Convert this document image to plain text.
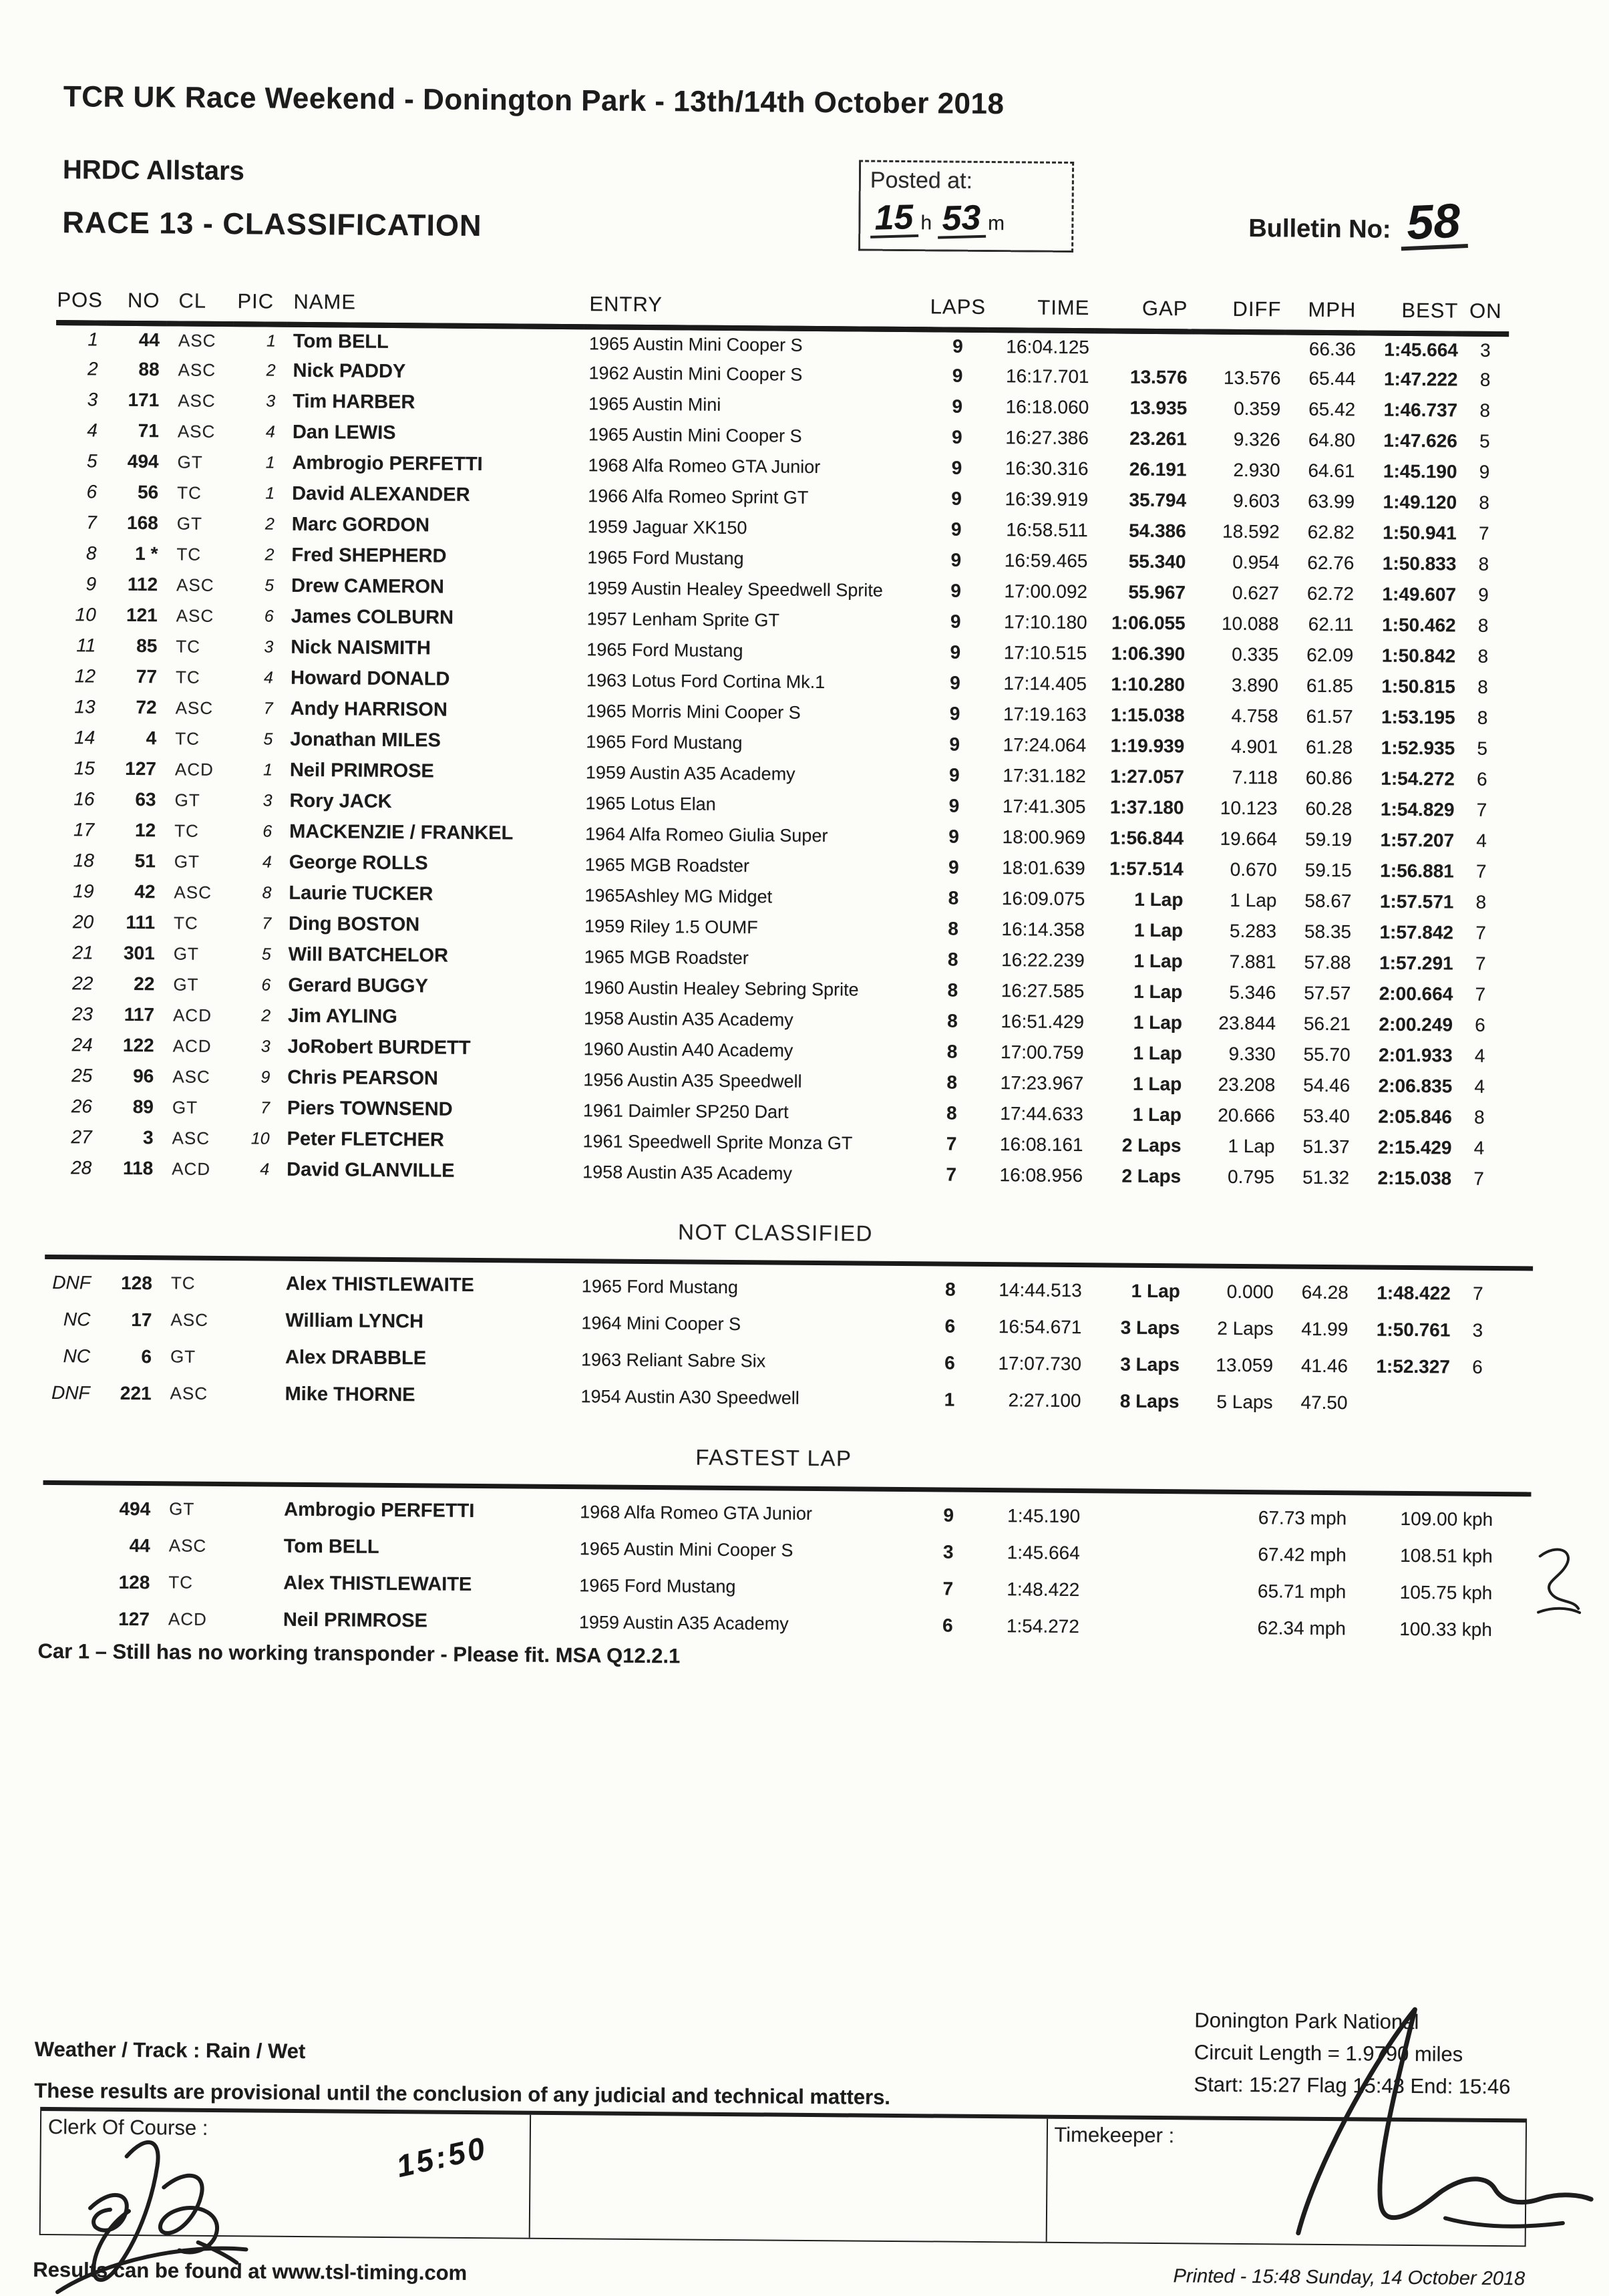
TCR UK Race Weekend - Donington Park - 13th/14th October 2018
HRDC Allstars
RACE 13 - CLASSIFICATION
Posted at:
15 h 53 m	Bulletin No: 58
POS	NO	CL	PIC	NAME	ENTRY	LAPS	TIME	GAP	DIFF	MPH	BEST	ON
1	44	ASC	1	Tom BELL	1965 Austin Mini Cooper S	9	16:04.125			66.36	1:45.664	3
2	88	ASC	2	Nick PADDY	1962 Austin Mini Cooper S	9	16:17.701	13.576	13.576	65.44	1:47.222	8
3	171	ASC	3	Tim HARBER	1965 Austin Mini	9	16:18.060	13.935	0.359	65.42	1:46.737	8
4	71	ASC	4	Dan LEWIS	1965 Austin Mini Cooper S	9	16:27.386	23.261	9.326	64.80	1:47.626	5
5	494	GT	1	Ambrogio PERFETTI	1968 Alfa Romeo GTA Junior	9	16:30.316	26.191	2.930	64.61	1:45.190	9
6	56	TC	1	David ALEXANDER	1966 Alfa Romeo Sprint GT	9	16:39.919	35.794	9.603	63.99	1:49.120	8
7	168	GT	2	Marc GORDON	1959 Jaguar XK150	9	16:58.511	54.386	18.592	62.82	1:50.941	7
8	1 *	TC	2	Fred SHEPHERD	1965 Ford Mustang	9	16:59.465	55.340	0.954	62.76	1:50.833	8
9	112	ASC	5	Drew CAMERON	1959 Austin Healey Speedwell Sprite	9	17:00.092	55.967	0.627	62.72	1:49.607	9
10	121	ASC	6	James COLBURN	1957 Lenham Sprite GT	9	17:10.180	1:06.055	10.088	62.11	1:50.462	8
11	85	TC	3	Nick NAISMITH	1965 Ford Mustang	9	17:10.515	1:06.390	0.335	62.09	1:50.842	8
12	77	TC	4	Howard DONALD	1963 Lotus Ford Cortina Mk.1	9	17:14.405	1:10.280	3.890	61.85	1:50.815	8
13	72	ASC	7	Andy HARRISON	1965 Morris Mini Cooper S	9	17:19.163	1:15.038	4.758	61.57	1:53.195	8
14	4	TC	5	Jonathan MILES	1965 Ford Mustang	9	17:24.064	1:19.939	4.901	61.28	1:52.935	5
15	127	ACD	1	Neil PRIMROSE	1959 Austin A35 Academy	9	17:31.182	1:27.057	7.118	60.86	1:54.272	6
16	63	GT	3	Rory JACK	1965 Lotus Elan	9	17:41.305	1:37.180	10.123	60.28	1:54.829	7
17	12	TC	6	MACKENZIE / FRANKEL	1964 Alfa Romeo Giulia Super	9	18:00.969	1:56.844	19.664	59.19	1:57.207	4
18	51	GT	4	George ROLLS	1965 MGB Roadster	9	18:01.639	1:57.514	0.670	59.15	1:56.881	7
19	42	ASC	8	Laurie TUCKER	1965Ashley MG Midget	8	16:09.075	1 Lap	1 Lap	58.67	1:57.571	8
20	111	TC	7	Ding BOSTON	1959 Riley 1.5 OUMF	8	16:14.358	1 Lap	5.283	58.35	1:57.842	7
21	301	GT	5	Will BATCHELOR	1965 MGB Roadster	8	16:22.239	1 Lap	7.881	57.88	1:57.291	7
22	22	GT	6	Gerard BUGGY	1960 Austin Healey Sebring Sprite	8	16:27.585	1 Lap	5.346	57.57	2:00.664	7
23	117	ACD	2	Jim AYLING	1958 Austin A35 Academy	8	16:51.429	1 Lap	23.844	56.21	2:00.249	6
24	122	ACD	3	JoRobert BURDETT	1960 Austin A40 Academy	8	17:00.759	1 Lap	9.330	55.70	2:01.933	4
25	96	ASC	9	Chris PEARSON	1956 Austin A35 Speedwell	8	17:23.967	1 Lap	23.208	54.46	2:06.835	4
26	89	GT	7	Piers TOWNSEND	1961 Daimler SP250 Dart	8	17:44.633	1 Lap	20.666	53.40	2:05.846	8
27	3	ASC	10	Peter FLETCHER	1961 Speedwell Sprite Monza GT	7	16:08.161	2 Laps	1 Lap	51.37	2:15.429	4
28	118	ACD	4	David GLANVILLE	1958 Austin A35 Academy	7	16:08.956	2 Laps	0.795	51.32	2:15.038	7
NOT CLASSIFIED
DNF	128	TC		Alex THISTLEWAITE	1965 Ford Mustang	8	14:44.513	1 Lap	0.000	64.28	1:48.422	7
NC	17	ASC		William LYNCH	1964 Mini Cooper S	6	16:54.671	3 Laps	2 Laps	41.99	1:50.761	3
NC	6	GT		Alex DRABBLE	1963 Reliant Sabre Six	6	17:07.730	3 Laps	13.059	41.46	1:52.327	6
DNF	221	ASC		Mike THORNE	1954 Austin A30 Speedwell	1	2:27.100	8 Laps	5 Laps	47.50		
FASTEST LAP
494	GT		Ambrogio PERFETTI	1968 Alfa Romeo GTA Junior	9	1:45.190	67.73 mph	109.00 kph
44	ASC		Tom BELL	1965 Austin Mini Cooper S	3	1:45.664	67.42 mph	108.51 kph
128	TC		Alex THISTLEWAITE	1965 Ford Mustang	7	1:48.422	65.71 mph	105.75 kph
127	ACD		Neil PRIMROSE	1959 Austin A35 Academy	6	1:54.272	62.34 mph	100.33 kph
Car 1 – Still has no working transponder - Please fit. MSA Q12.2.1
Weather / Track : Rain / Wet
These results are provisional until the conclusion of any judicial and technical matters.
Donington Park National
Circuit Length = 1.9790 miles
Start: 15:27 Flag 15:43 End: 15:46
Clerk Of Course :	Timekeeper :
15:50
Results can be found at www.tsl-timing.com	Printed - 15:48 Sunday, 14 October 2018
